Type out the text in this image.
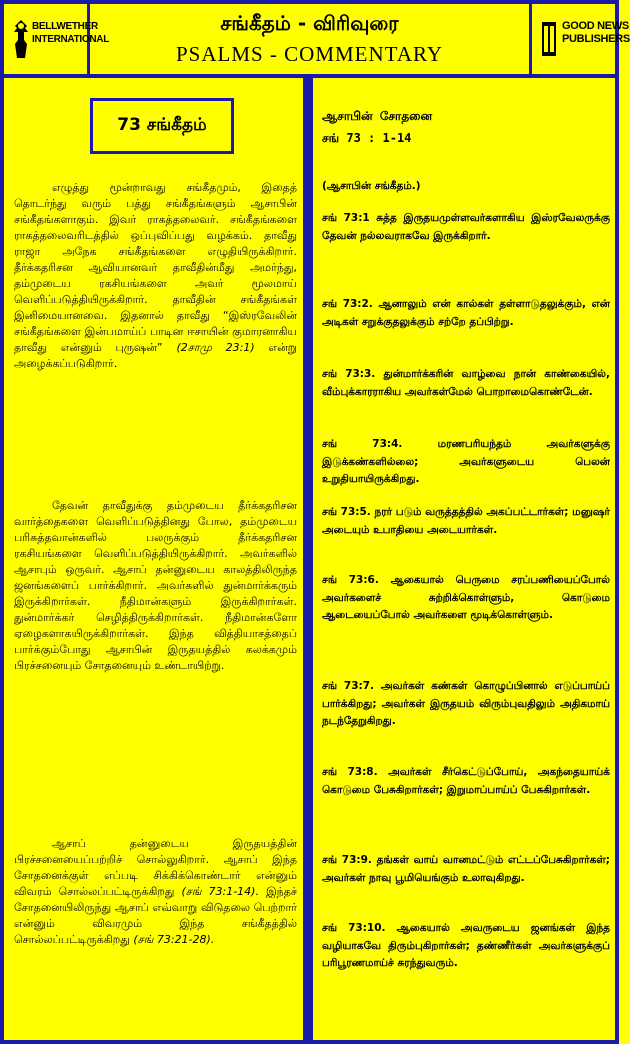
BELLWETHER
INTERNATIONAL
சங்கீதம் - விரிவுரை
PSALMS - COMMENTARY
GOOD NEWS
PUBLISHERS
73 சங்கீதம்
எழுத்து மூன்றாவது சங்கீதமும், இதைத் தொடர்ந்து வரும் பத்து சங்கீதங்களும் ஆசாபின் சங்கீதங்களாகும். இவர் ராகத்தலைவர். சங்கீதங்களை ராகத்தலைவரிடத்தில் ஒப்புவிப்பது வழக்கம். தாவீது ராஜா அநேக சங்கீதங்களை எழுதியிருக்கிறார். தீர்க்கதரிசன ஆவியானவர் தாவீதின்மீது அமர்ந்து, தம்முடைய ரகசியங்களை அவர் மூலமாய் வெளிப்படுத்தியிருக்கிறார். தாவீதின் சங்கீதங்கள் இனிமையானவை. இதனால் தாவீது “இஸ்ரவேலின் சங்கீதங்களை இன்பமாய்ப் பாடின ஈசாயின் குமாரனாகிய தாவீது என்னும் புருஷன்” (2சாமு 23:1) என்று அழைக்கப்படுகிறார்.
தேவன் தாவீதுக்கு தம்முடைய தீர்க்கதரிசன வார்த்தைகளை வெளிப்படுத்தினது போல, தம்முடைய பரிசுத்தவான்களில் பலருக்கும் தீர்க்கதரிசன ரகசியங்களை வெளிப்படுத்தியிருக்கிறார். அவர்களில் ஆசாபும் ஒருவர். ஆசாப் தன்னுடைய காலத்திலிருந்த ஜனங்களைப் பார்க்கிறார். அவர்களில் துன்மார்க்கரும் இருக்கிறார்கள். நீதிமான்களும் இருக்கிறார்கள். துன்மார்க்கர் செழித்திருக்கிறார்கள். நீதிமான்களோ ஏழைகளாகயிருக்கிறார்கள். இந்த வித்தியாசத்தைப் பார்க்கும்போது ஆசாபின் இருதயத்தில் கலக்கமும் பிரச்சனையும் சோதனையும் உண்டாயிற்று.
ஆசாப் தன்னுடைய இருதயத்தின் பிரச்சனையைப்பற்றிச் சொல்லுகிறார். ஆசாப் இந்த சோதனைக்குள் எப்படி சிக்கிக்கொண்டார் என்னும் விவரம் சொல்லப்பட்டிருக்கிறது (சங் 73:1-14). இந்தச் சோதனையிலிருந்து ஆசாப் எவ்வாறு விடுதலை பெற்றார் என்னும் விவரமும் இந்த சங்கீதத்தில் சொல்லப்பட்டிருக்கிறது (சங் 73:21-28).
ஆசாபின் சோதனை
சங் 73 : 1-14
(ஆசாபின் சங்கீதம்.)
சங் 73:1 சுத்த இருதயமுள்ளவர்களாகிய இஸ்ரவேலருக்கு தேவன் நல்லவராகவே இருக்கிறார்.
சங் 73:2. ஆனாலும் என் கால்கள் தள்ளாடுதலுக்கும், என் அடிகள் சறுக்குதலுக்கும் சற்றே தப்பிற்று.
சங் 73:3. துன்மார்க்கரின் வாழ்வை நான் காண்கையில், வீம்புக்காரராகிய அவர்கள்மேல் பொறாமைகொண்டேன்.
சங் 73:4. மரணபரியந்தம் அவர்களுக்கு இடுக்கண்களில்லை; அவர்களுடைய பெலன் உறுதியாயிருக்கிறது.
சங் 73:5. நரர் படும் வருத்தத்தில் அகப்பட்டார்கள்; மனுஷர் அடையும் உபாதியை அடையார்கள்.
சங் 73:6. ஆகையால் பெருமை சரப்பணியைப்போல் அவர்களைச் சுற்றிக்கொள்ளும், கொடுமை ஆடையைப்போல் அவர்களை மூடிக்கொள்ளும்.
சங் 73:7. அவர்கள் கண்கள் கொழுப்பினால் எடுப்பாய்ப் பார்க்கிறது; அவர்கள் இருதயம் விரும்புவதிலும் அதிகமாய் நடந்தேறுகிறது.
சங் 73:8. அவர்கள் சீர்கெட்டுப்போய், அகந்தையாய்க் கொடுமை பேசுகிறார்கள்; இறுமாப்பாய்ப் பேசுகிறார்கள்.
சங் 73:9. தங்கள் வாய் வானமட்டும் எட்டப்பேசுகிறார்கள்; அவர்கள் நாவு பூமியெங்கும் உலாவுகிறது.
சங் 73:10. ஆகையால் அவருடைய ஜனங்கள் இந்த வழியாகவே திரும்புகிறார்கள்; தண்ணீர்கள் அவர்களுக்குப் பரிபூரணமாய்ச் சுரந்துவரும்.
